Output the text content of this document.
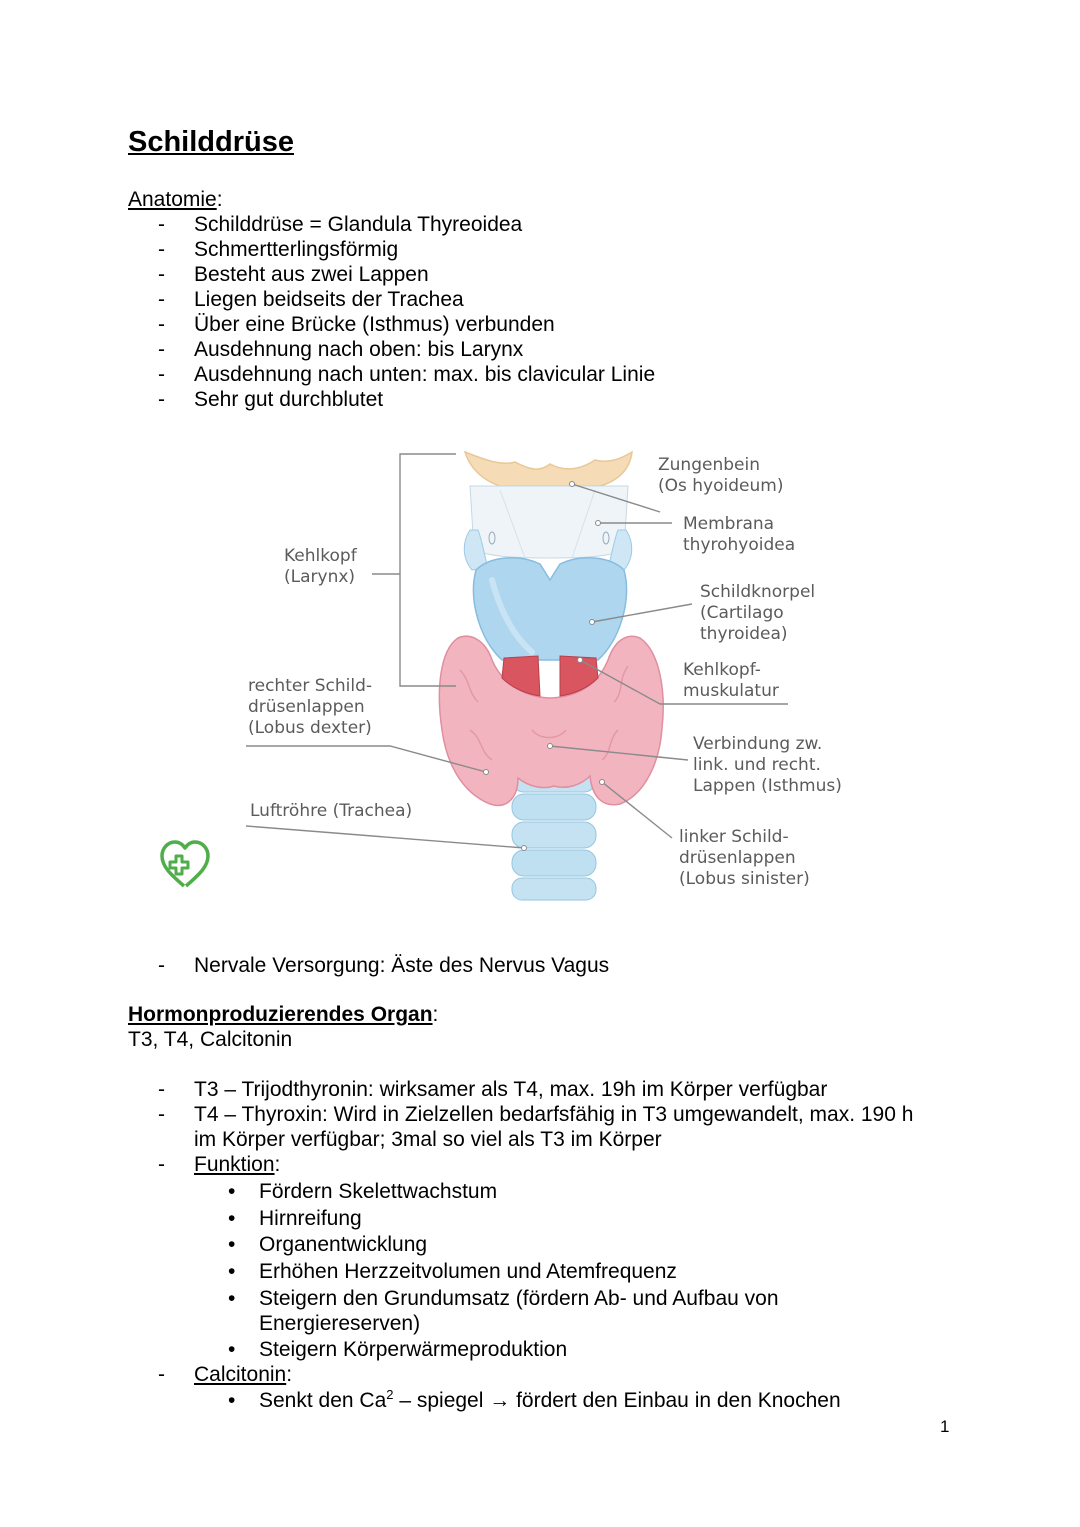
Schilddrüse
Anatomie:
- Schilddrüse = Glandula Thyreoidea
- Schmertterlingsförmig
- Besteht aus zwei Lappen
- Liegen beidseits der Trachea
- Über eine Brücke (Isthmus) verbunden
- Ausdehnung nach oben: bis Larynx
- Ausdehnung nach unten: max. bis clavicular Linie
- Sehr gut durchblutet
Zungenbein
(Os hyoideum)
Membrana
thyrohyoidea
Kehlkopf
(Larynx)
Schildknorpel
(Cartilago
thyroidea)
Kehlkopf-
muskulatur
rechter Schild-
drüsenlappen
(Lobus dexter)
Verbindung zw.
link. und recht.
Lappen (Isthmus)
Luftröhre (Trachea)
linker Schild-
drüsenlappen
(Lobus sinister)
- Nervale Versorgung: Äste des Nervus Vagus
Hormonproduzierendes Organ:
T3, T4, Calcitonin
- T3 – Trijodthyronin: wirksamer als T4, max. 19h im Körper verfügbar
- T4 – Thyroxin: Wird in Zielzellen bedarfsfähig in T3 umgewandelt, max. 190 h
im Körper verfügbar; 3mal so viel als T3 im Körper
- Funktion:
• Fördern Skelettwachstum
• Hirnreifung
• Organentwicklung
• Erhöhen Herzzeitvolumen und Atemfrequenz
• Steigern den Grundumsatz (fördern Ab- und Aufbau von
Energiereserven)
• Steigern Körperwärmeproduktion
- Calcitonin:
• Senkt den Ca$^2$ – spiegel → fördert den Einbau in den Knochen
1
